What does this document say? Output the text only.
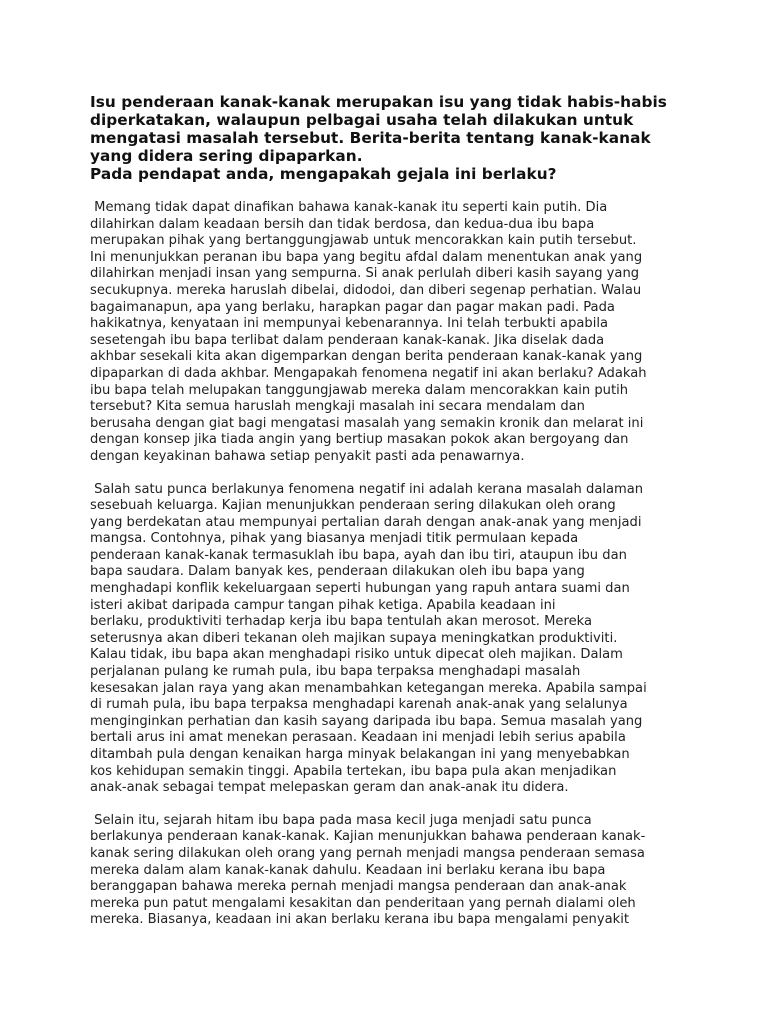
Isu penderaan kanak-kanak merupakan isu yang tidak habis-habis
diperkatakan, walaupun pelbagai usaha telah dilakukan untuk
mengatasi masalah tersebut. Berita-berita tentang kanak-kanak
yang didera sering dipaparkan.
Pada pendapat anda, mengapakah gejala ini berlaku?

Memang tidak dapat dinafikan bahawa kanak-kanak itu seperti kain putih. Dia
dilahirkan dalam keadaan bersih dan tidak berdosa, dan kedua-dua ibu bapa
merupakan pihak yang bertanggungjawab untuk mencorakkan kain putih tersebut.
Ini menunjukkan peranan ibu bapa yang begitu afdal dalam menentukan anak yang
dilahirkan menjadi insan yang sempurna. Si anak perlulah diberi kasih sayang yang
secukupnya. mereka haruslah dibelai, didodoi, dan diberi segenap perhatian. Walau
bagaimanapun, apa yang berlaku, harapkan pagar dan pagar makan padi. Pada
hakikatnya, kenyataan ini mempunyai kebenarannya. Ini telah terbukti apabila
sesetengah ibu bapa terlibat dalam penderaan kanak-kanak. Jika diselak dada
akhbar sesekali kita akan digemparkan dengan berita penderaan kanak-kanak yang
dipaparkan di dada akhbar. Mengapakah fenomena negatif ini akan berlaku? Adakah
ibu bapa telah melupakan tanggungjawab mereka dalam mencorakkan kain putih
tersebut? Kita semua haruslah mengkaji masalah ini secara mendalam dan
berusaha dengan giat bagi mengatasi masalah yang semakin kronik dan melarat ini
dengan konsep jika tiada angin yang bertiup masakan pokok akan bergoyang dan
dengan keyakinan bahawa setiap penyakit pasti ada penawarnya.

Salah satu punca berlakunya fenomena negatif ini adalah kerana masalah dalaman
sesebuah keluarga. Kajian menunjukkan penderaan sering dilakukan oleh orang
yang berdekatan atau mempunyai pertalian darah dengan anak-anak yang menjadi
mangsa. Contohnya, pihak yang biasanya menjadi titik permulaan kepada
penderaan kanak-kanak termasuklah ibu bapa, ayah dan ibu tiri, ataupun ibu dan
bapa saudara. Dalam banyak kes, penderaan dilakukan oleh ibu bapa yang
menghadapi konflik kekeluargaan seperti hubungan yang rapuh antara suami dan
isteri akibat daripada campur tangan pihak ketiga. Apabila keadaan ini
berlaku, produktiviti terhadap kerja ibu bapa tentulah akan merosot. Mereka
seterusnya akan diberi tekanan oleh majikan supaya meningkatkan produktiviti.
Kalau tidak, ibu bapa akan menghadapi risiko untuk dipecat oleh majikan. Dalam
perjalanan pulang ke rumah pula, ibu bapa terpaksa menghadapi masalah
kesesakan jalan raya yang akan menambahkan ketegangan mereka. Apabila sampai
di rumah pula, ibu bapa terpaksa menghadapi karenah anak-anak yang selalunya
menginginkan perhatian dan kasih sayang daripada ibu bapa. Semua masalah yang
bertali arus ini amat menekan perasaan. Keadaan ini menjadi lebih serius apabila
ditambah pula dengan kenaikan harga minyak belakangan ini yang menyebabkan
kos kehidupan semakin tinggi. Apabila tertekan, ibu bapa pula akan menjadikan
anak-anak sebagai tempat melepaskan geram dan anak-anak itu didera.

Selain itu, sejarah hitam ibu bapa pada masa kecil juga menjadi satu punca
berlakunya penderaan kanak-kanak. Kajian menunjukkan bahawa penderaan kanak-
kanak sering dilakukan oleh orang yang pernah menjadi mangsa penderaan semasa
mereka dalam alam kanak-kanak dahulu. Keadaan ini berlaku kerana ibu bapa
beranggapan bahawa mereka pernah menjadi mangsa penderaan dan anak-anak
mereka pun patut mengalami kesakitan dan penderitaan yang pernah dialami oleh
mereka. Biasanya, keadaan ini akan berlaku kerana ibu bapa mengalami penyakit
